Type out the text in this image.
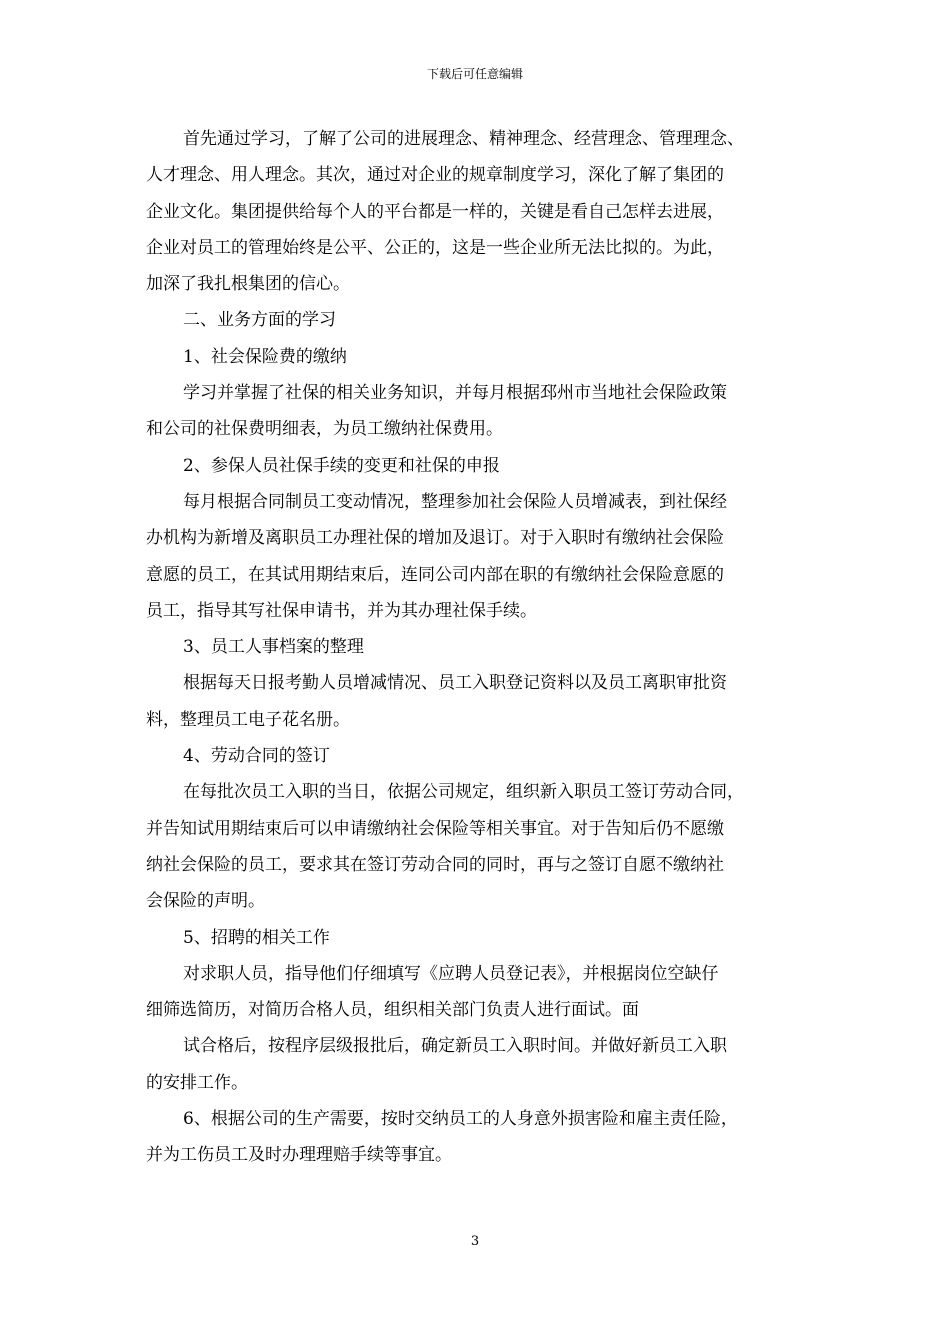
下载后可任意编辑
首先通过学习，了解了公司的进展理念、精神理念、经营理念、管理理念、
人才理念、用人理念。其次，通过对企业的规章制度学习，深化了解了集团的
企业文化。集团提供给每个人的平台都是一样的，关键是看自己怎样去进展，
企业对员工的管理始终是公平、公正的，这是一些企业所无法比拟的。为此，
加深了我扎根集团的信心。
二、业务方面的学习
1、社会保险费的缴纳
学习并掌握了社保的相关业务知识，并每月根据邳州市当地社会保险政策
和公司的社保费明细表，为员工缴纳社保费用。
2、参保人员社保手续的变更和社保的申报
每月根据合同制员工变动情况，整理参加社会保险人员增减表，到社保经
办机构为新增及离职员工办理社保的增加及退订。对于入职时有缴纳社会保险
意愿的员工，在其试用期结束后，连同公司内部在职的有缴纳社会保险意愿的
员工，指导其写社保申请书，并为其办理社保手续。
3、员工人事档案的整理
根据每天日报考勤人员增减情况、员工入职登记资料以及员工离职审批资
料，整理员工电子花名册。
4、劳动合同的签订
在每批次员工入职的当日，依据公司规定，组织新入职员工签订劳动合同，
并告知试用期结束后可以申请缴纳社会保险等相关事宜。对于告知后仍不愿缴
纳社会保险的员工，要求其在签订劳动合同的同时，再与之签订自愿不缴纳社
会保险的声明。
5、招聘的相关工作
对求职人员，指导他们仔细填写《应聘人员登记表》，并根据岗位空缺仔
细筛选简历，对简历合格人员，组织相关部门负责人进行面试。面
试合格后，按程序层级报批后，确定新员工入职时间。并做好新员工入职
的安排工作。
6、根据公司的生产需要，按时交纳员工的人身意外损害险和雇主责任险，
并为工伤员工及时办理理赔手续等事宜。
3
